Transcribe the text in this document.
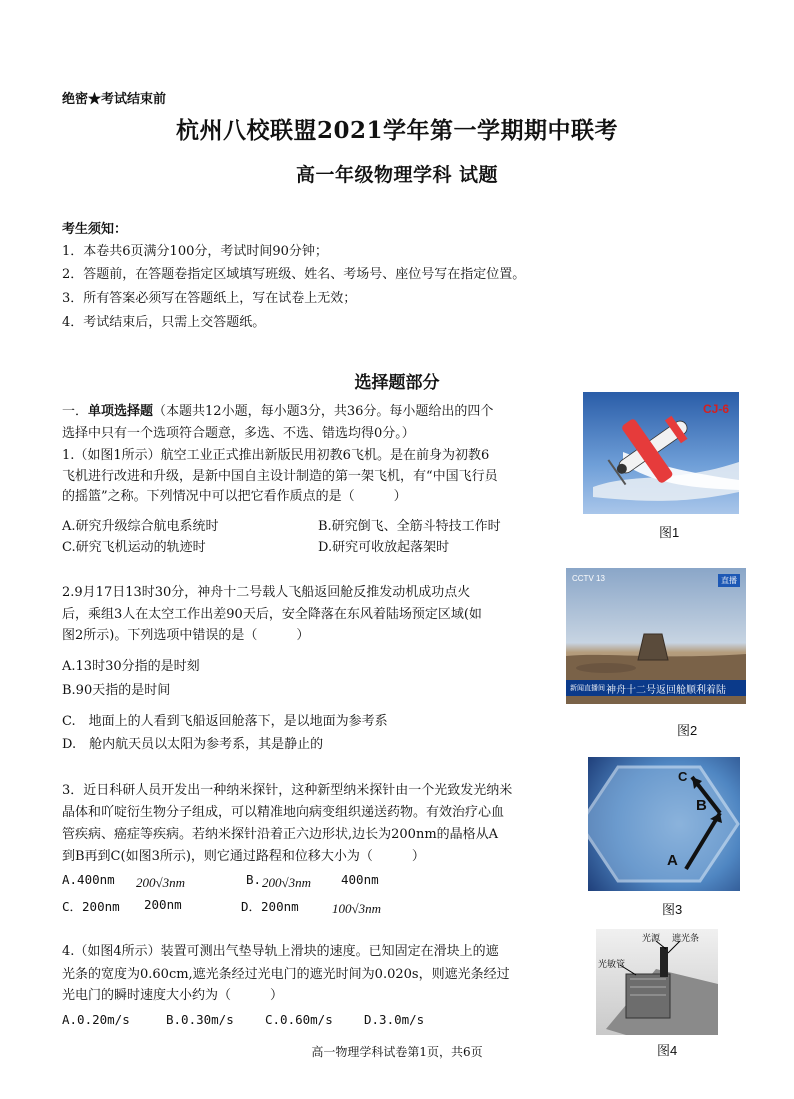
绝密★考试结束前
杭州八校联盟2021学年第一学期期中联考
高一年级物理学科 试题
考生须知：
1．本卷共6页满分100分，考试时间90分钟；
2．答题前，在答题卷指定区域填写班级、姓名、考场号、座位号写在指定位置。
3．所有答案必须写在答题纸上，写在试卷上无效；
4．考试结束后，只需上交答题纸。
选择题部分
一．单项选择题（本题共12小题，每小题3分，共36分。每小题给出的四个
选择中只有一个选项符合题意，多选、不选、错选均得0分。）
1.（如图1所示）航空工业正式推出新版民用初教6飞机。是在前身为初教6
飞机进行改进和升级，是新中国自主设计制造的第一架飞机，有“中国飞行员
的摇篮”之称。下列情况中可以把它看作质点的是（　　　）
A.研究升级综合航电系统时	B.研究倒飞、全筋斗特技工作时
C.研究飞机运动的轨迹时	D.研究可收放起落架时
CJ-6
图1
2.9月17日13时30分，神舟十二号载人飞船返回舱反推发动机成功点火
后，乘组3人在太空工作出差90天后，安全降落在东风着陆场预定区域(如
图2所示)。下列选项中错误的是（　　　）
A.13时30分指的是时刻
B.90天指的是时间
C.　地面上的人看到飞船返回舱落下，是以地面为参考系
D.　舱内航天员以太阳为参考系，其是静止的
CCTV 13	直播
新闻直播间 神舟十二号返回舱顺利着陆
图2
3．近日科研人员开发出一种纳米探针，这种新型纳米探针由一个光致发光纳米
晶体和吖啶衍生物分子组成，可以精准地向病变组织递送药物。有效治疗心血
管疾病、癌症等疾病。若纳米探针沿着正六边形状,边长为200nm的晶格从A
到B再到C(如图3所示)，则它通过路程和位移大小为（　　　）
A.400nm 200√3nm	B. 200√3nm 400nm
C．200nm 200nm	D．200nm	100√3nm
A
B
C
图3
4.（如图4所示）装置可测出气垫导轨上滑块的速度。已知固定在滑块上的遮
光条的宽度为0.60cm,遮光条经过光电门的遮光时间为0.020s，则遮光条经过
光电门的瞬时速度大小约为（　　　）
A.0.20m/s	B.0.30m/s	C.0.60m/s	D.3.0m/s
光源 遮光条
光敏管
图4
高一物理学科试卷第1页，共6页
